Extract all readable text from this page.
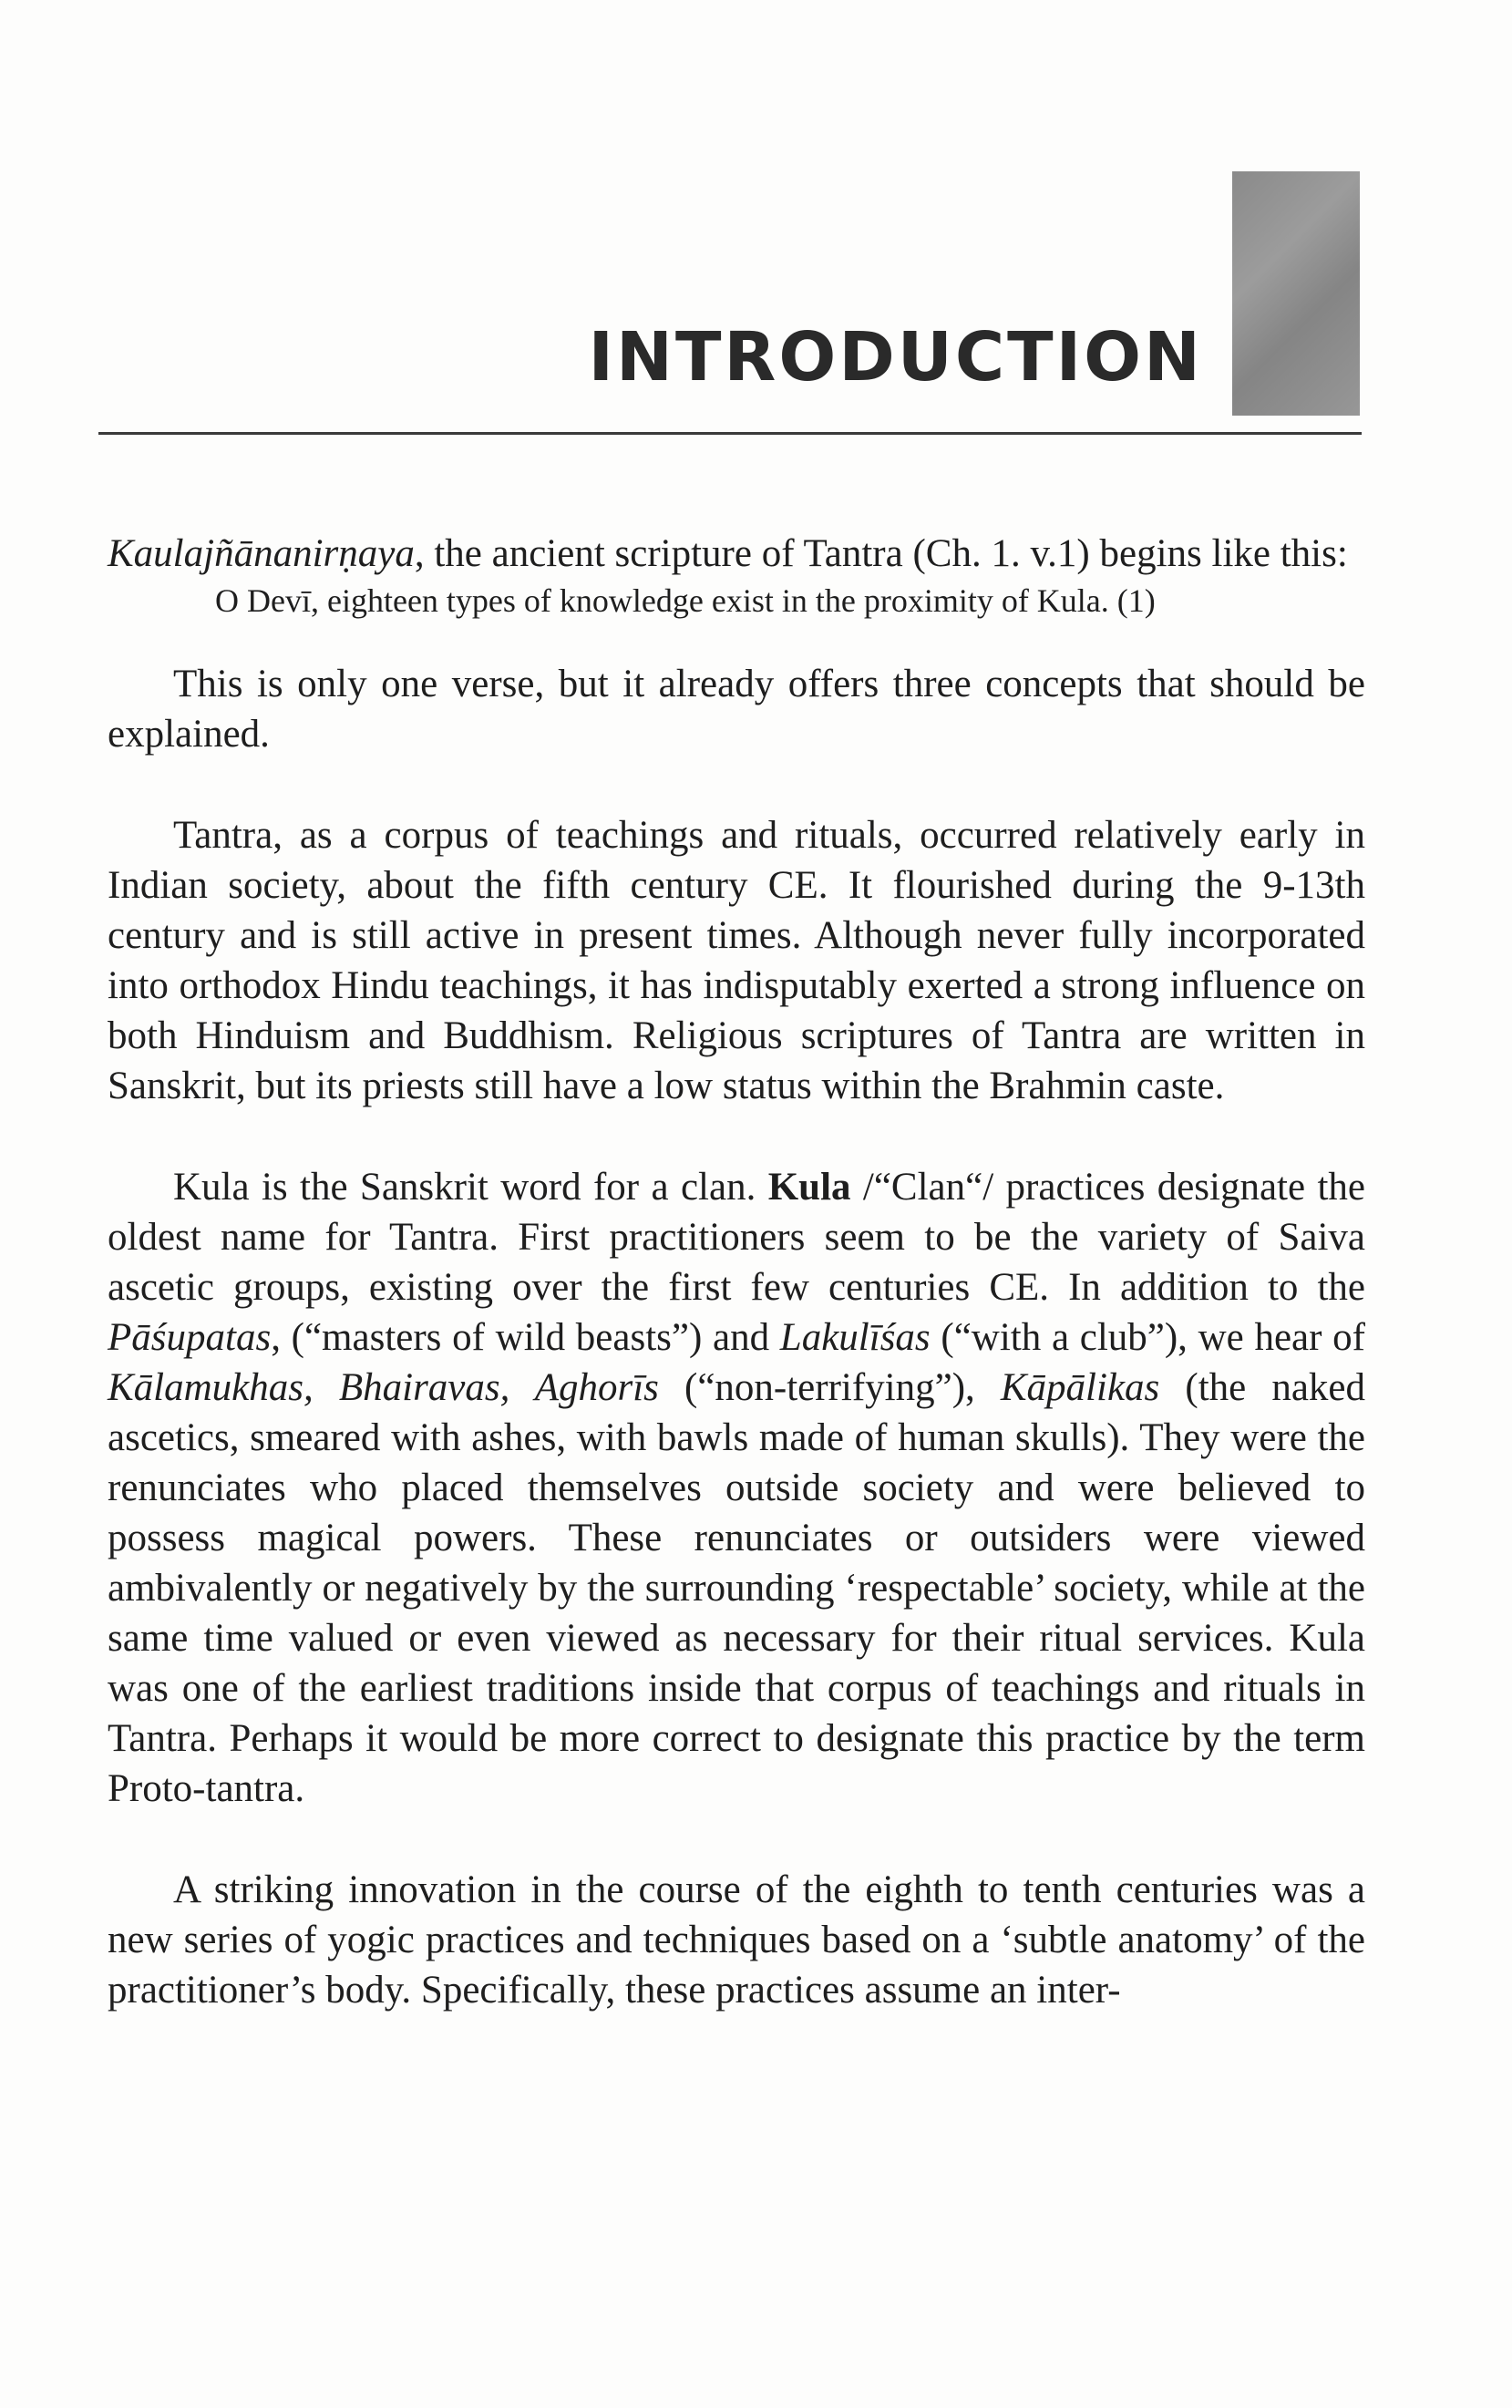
INTRODUCTION

Kaulajñānanirṇaya, the ancient scripture of Tantra (Ch. 1. v.1) begins like this:

O Devī, eighteen types of knowledge exist in the proximity of Kula. (1)

This is only one verse, but it already offers three concepts that should be explained.

Tantra, as a corpus of teachings and rituals, occurred relatively early in Indian society, about the fifth century CE. It flourished during the 9-13th century and is still active in present times. Although never fully incorporated into orthodox Hindu teachings, it has indisputably exerted a strong influence on both Hinduism and Buddhism. Religious scriptures of Tantra are written in Sanskrit, but its priests still have a low status within the Brahmin caste.

Kula is the Sanskrit word for a clan. Kula /“Clan“/ practices designate the oldest name for Tantra. First practitioners seem to be the variety of Saiva ascetic groups, existing over the first few centuries CE. In addition to the Pāśupatas, (“masters of wild beasts”) and Lakulīśas (“with a club”), we hear of Kālamukhas, Bhairavas, Aghorīs (“non-terrifying”), Kāpālikas (the naked ascetics, smeared with ashes, with bawls made of human skulls). They were the renunciates who placed themselves outside society and were believed to possess magical powers. These renunciates or outsiders were viewed ambivalently or negatively by the surrounding ‘respectable’ society, while at the same time valued or even viewed as necessary for their ritual services. Kula was one of the earliest traditions inside that corpus of teachings and rituals in Tantra. Perhaps it would be more correct to designate this practice by the term Proto-tantra.

A striking innovation in the course of the eighth to tenth centuries was a new series of yogic practices and techniques based on a ‘subtle anatomy’ of the practitioner’s body. Specifically, these practices assume an inter-
